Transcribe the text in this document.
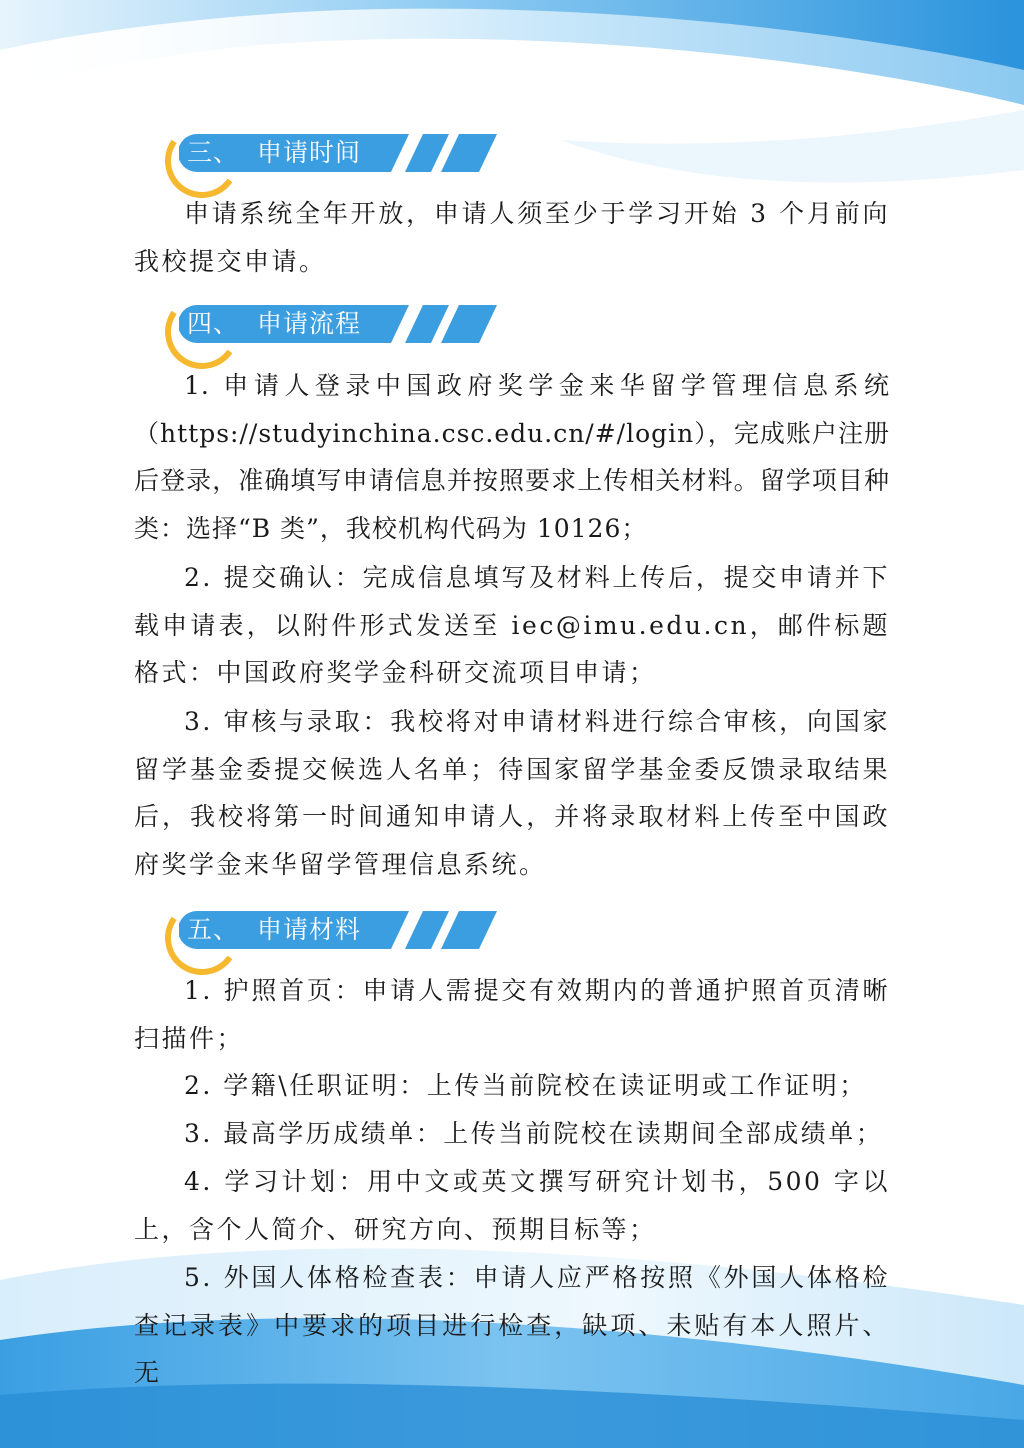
三、 申请时间

申请系统全年开放，申请人须至少于学习开始 3 个月前向我校提交申请。

四、 申请流程

1. 申请人登录中国政府奖学金来华留学管理信息系统（https://studyinchina.csc.edu.cn/#/login），完成账户注册后登录，准确填写申请信息并按照要求上传相关材料。留学项目种类：选择“B 类”，我校机构代码为 10126；

2. 提交确认：完成信息填写及材料上传后，提交申请并下载申请表，以附件形式发送至 iec@imu.edu.cn，邮件标题格式：中国政府奖学金科研交流项目申请；

3. 审核与录取：我校将对申请材料进行综合审核，向国家留学基金委提交候选人名单；待国家留学基金委反馈录取结果后，我校将第一时间通知申请人，并将录取材料上传至中国政府奖学金来华留学管理信息系统。

五、 申请材料

1. 护照首页：申请人需提交有效期内的普通护照首页清晰扫描件；

2. 学籍\任职证明：上传当前院校在读证明或工作证明；

3. 最高学历成绩单：上传当前院校在读期间全部成绩单；

4. 学习计划：用中文或英文撰写研究计划书，500 字以上，含个人简介、研究方向、预期目标等；

5. 外国人体格检查表：申请人应严格按照《外国人体格检查记录表》中要求的项目进行检查，缺项、未贴有本人照片、无
